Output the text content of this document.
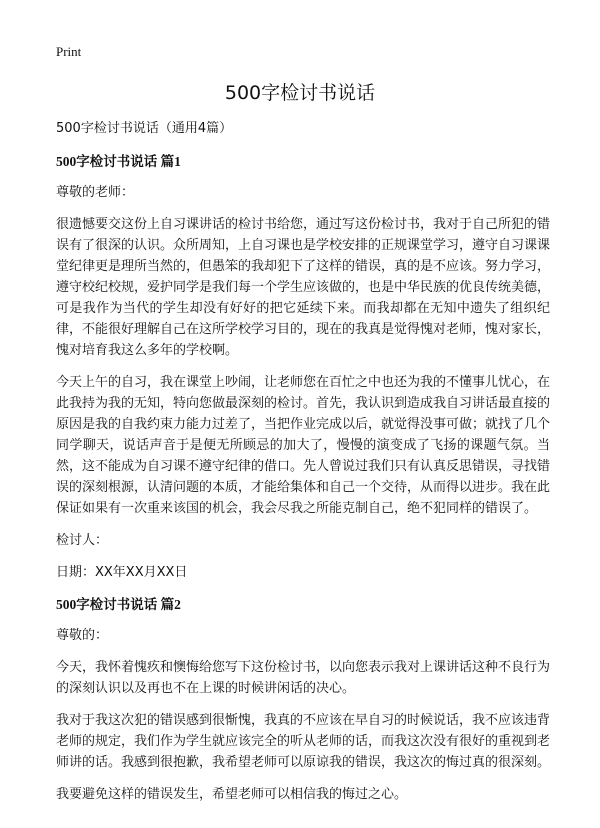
Print
500字检讨书说话

500字检讨书说话（通用4篇）

500字检讨书说话 篇1

尊敬的老师：

很遗憾要交这份上自习课讲话的检讨书给您，通过写这份检讨书，我对于自己所犯的错误有了很深的认识。众所周知，上自习课也是学校安排的正规课堂学习，遵守自习课课堂纪律更是理所当然的，但愚笨的我却犯下了这样的错误，真的是不应该。努力学习，遵守校纪校规，爱护同学是我们每一个学生应该做的，也是中华民族的优良传统美德，可是我作为当代的学生却没有好好的把它延续下来。而我却都在无知中遗失了组织纪律，不能很好理解自己在这所学校学习目的，现在的我真是觉得愧对老师，愧对家长，愧对培育我这么多年的学校啊。

今天上午的自习，我在课堂上吵闹，让老师您在百忙之中也还为我的不懂事儿忧心，在此我持为我的无知，特向您做最深刻的检讨。首先，我认识到造成我自习讲话最直接的原因是我的自我约束力能力过差了，当把作业完成以后，就觉得没事可做；就找了几个同学聊天，说话声音于是便无所顾忌的加大了，慢慢的演变成了飞扬的课题气氛。当然，这不能成为自习课不遵守纪律的借口。先人曾说过我们只有认真反思错误，寻找错误的深刻根源，认清问题的本质，才能给集体和自己一个交待，从而得以进步。我在此保证如果有一次重来该国的机会，我会尽我之所能克制自己，绝不犯同样的错误了。

检讨人：

日期：XX年XX月XX日

500字检讨书说话 篇2

尊敬的：

今天，我怀着愧疚和懊悔给您写下这份检讨书，以向您表示我对上课讲话这种不良行为的深刻认识以及再也不在上课的时候讲闲话的决心。

我对于我这次犯的错误感到很惭愧，我真的不应该在早自习的时候说话，我不应该违背老师的规定，我们作为学生就应该完全的听从老师的话，而我这次没有很好的重视到老师讲的话。我感到很抱歉，我希望老师可以原谅我的错误，我这次的悔过真的很深刻。

我要避免这样的错误发生，希望老师可以相信我的悔过之心。
